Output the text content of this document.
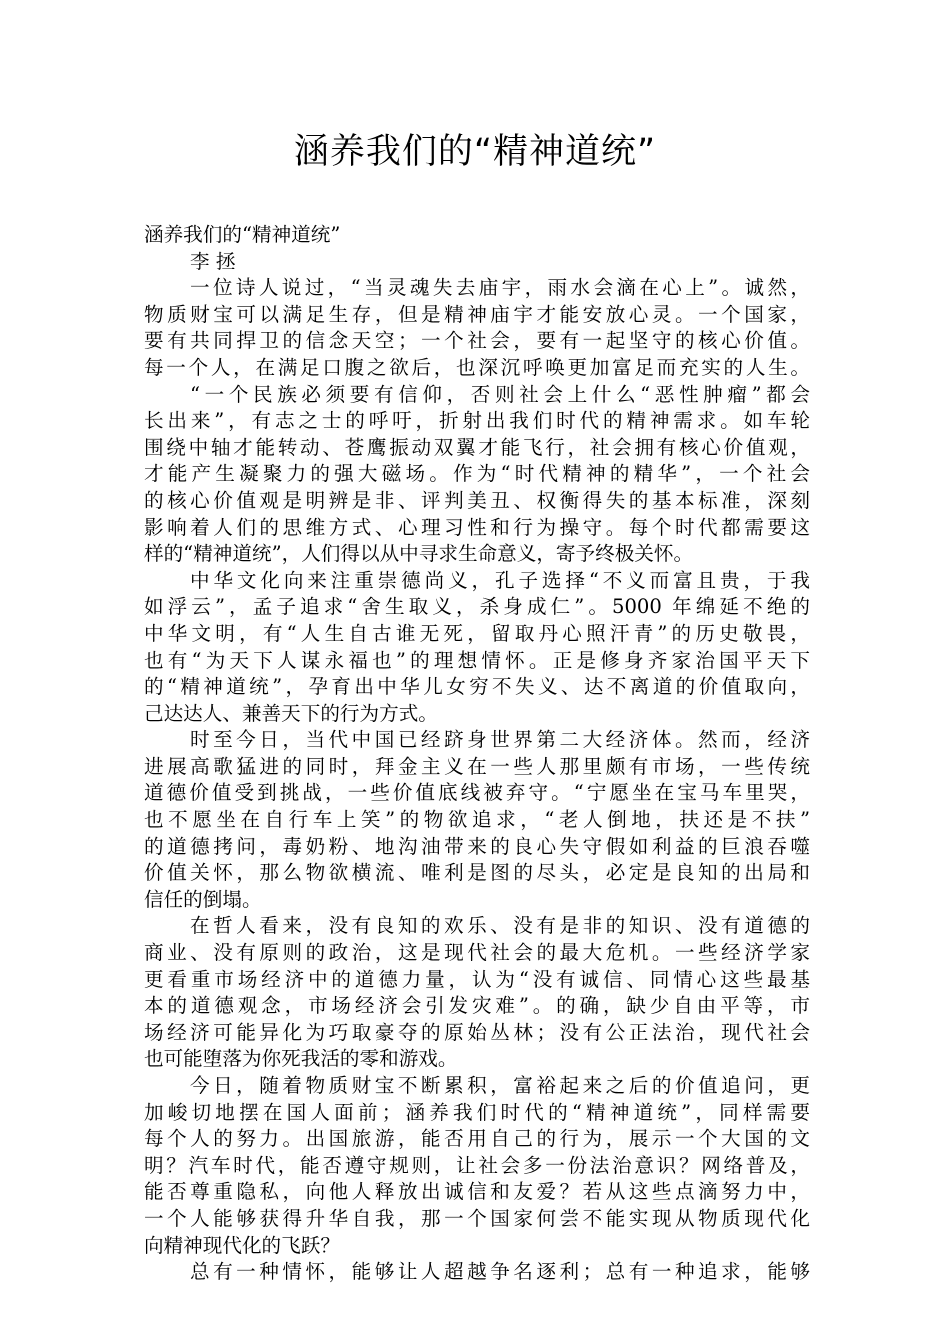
涵养我们的“精神道统”
涵养我们的“精神道统”
李 拯
一位诗人说过，“当灵魂失去庙宇，雨水会滴在心上”。诚然，
物质财宝可以满足生存，但是精神庙宇才能安放心灵。一个国家，
要有共同捍卫的信念天空；一个社会，要有一起坚守的核心价值。
每一个人，在满足口腹之欲后，也深沉呼唤更加富足而充实的人生。
“一个民族必须要有信仰，否则社会上什么“恶性肿瘤”都会
长出来”，有志之士的呼吁，折射出我们时代的精神需求。如车轮
围绕中轴才能转动、苍鹰振动双翼才能飞行，社会拥有核心价值观，
才能产生凝聚力的强大磁场。作为“时代精神的精华”，一个社会
的核心价值观是明辨是非、评判美丑、权衡得失的基本标准，深刻
影响着人们的思维方式、心理习性和行为操守。每个时代都需要这
样的“精神道统”，人们得以从中寻求生命意义，寄予终极关怀。
中华文化向来注重崇德尚义，孔子选择“不义而富且贵，于我
如浮云”，孟子追求“舍生取义，杀身成仁”。5000 年绵延不绝的
中华文明，有“人生自古谁无死，留取丹心照汗青”的历史敬畏，
也有“为天下人谋永福也”的理想情怀。正是修身齐家治国平天下
的“精神道统”，孕育出中华儿女穷不失义、达不离道的价值取向，
己达达人、兼善天下的行为方式。
时至今日，当代中国已经跻身世界第二大经济体。然而，经济
进展高歌猛进的同时，拜金主义在一些人那里颇有市场，一些传统
道德价值受到挑战，一些价值底线被弃守。“宁愿坐在宝马车里哭，
也不愿坐在自行车上笑”的物欲追求，“老人倒地，扶还是不扶”
的道德拷问，毒奶粉、地沟油带来的良心失守假如利益的巨浪吞噬
价值关怀，那么物欲横流、唯利是图的尽头，必定是良知的出局和
信任的倒塌。
在哲人看来，没有良知的欢乐、没有是非的知识、没有道德的
商业、没有原则的政治，这是现代社会的最大危机。一些经济学家
更看重市场经济中的道德力量，认为“没有诚信、同情心这些最基
本的道德观念，市场经济会引发灾难”。的确，缺少自由平等，市
场经济可能异化为巧取豪夺的原始丛林；没有公正法治，现代社会
也可能堕落为你死我活的零和游戏。
今日，随着物质财宝不断累积，富裕起来之后的价值追问，更
加峻切地摆在国人面前；涵养我们时代的“精神道统”，同样需要
每个人的努力。出国旅游，能否用自己的行为，展示一个大国的文
明？汽车时代，能否遵守规则，让社会多一份法治意识？网络普及，
能否尊重隐私，向他人释放出诚信和友爱？若从这些点滴努力中，
一个人能够获得升华自我，那一个国家何尝不能实现从物质现代化
向精神现代化的飞跃？
总有一种情怀，能够让人超越争名逐利；总有一种追求，能够
